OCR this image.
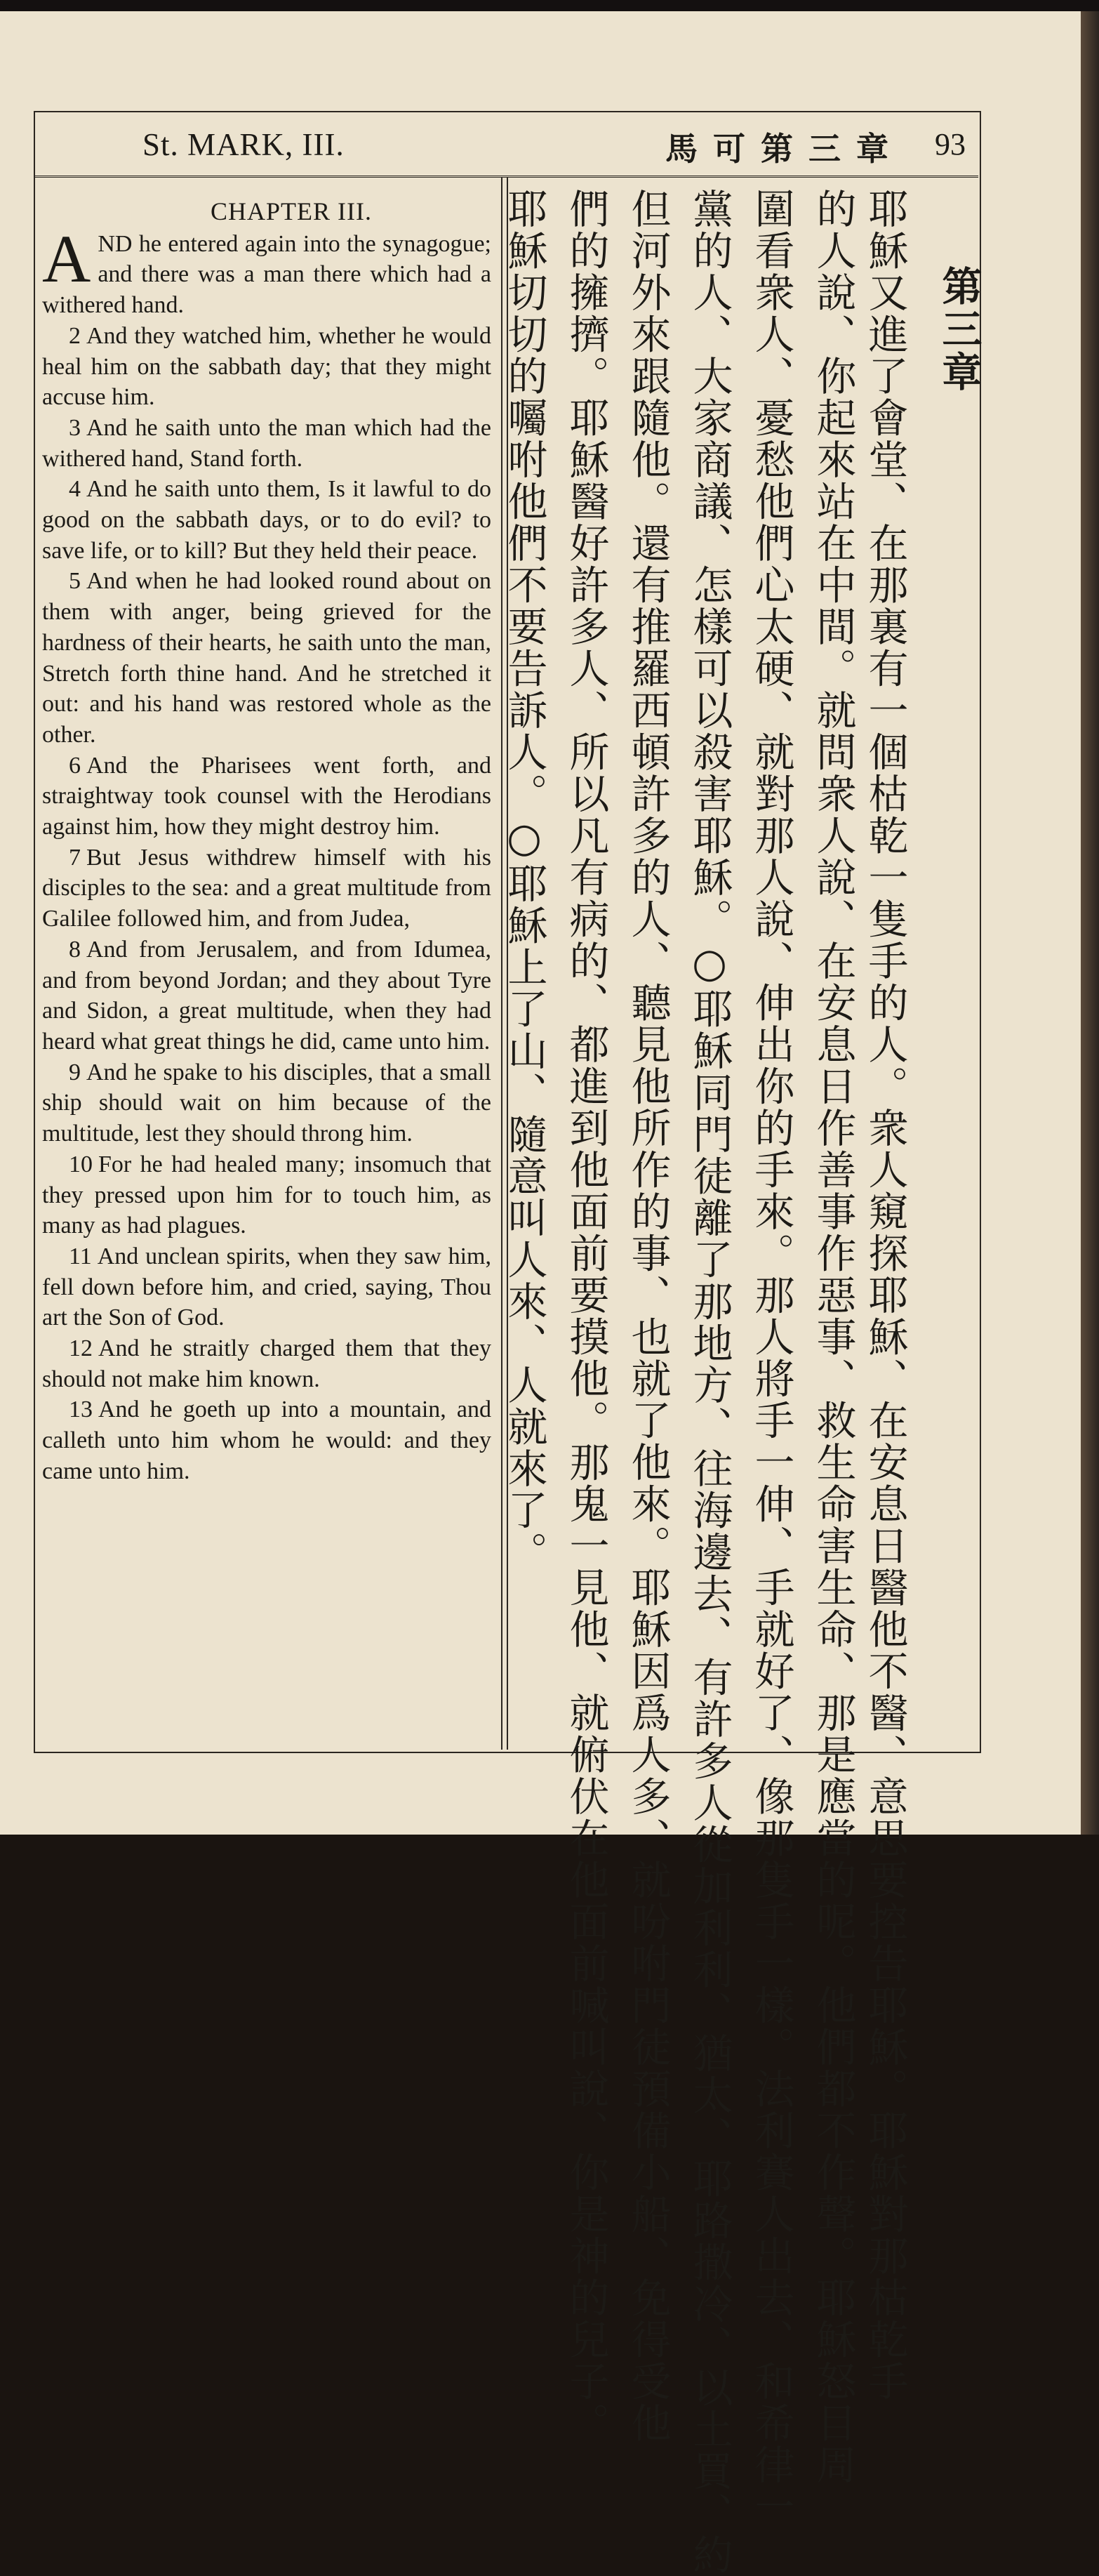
St. MARK, III.	馬可第三章 93
CHAPTER III.
AND he entered again into the synagogue; and there was a man there which had a withered hand.
2 And they watched him, whether he would heal him on the sabbath day; that they might accuse him.
3 And he saith unto the man which had the withered hand, Stand forth.
4 And he saith unto them, Is it lawful to do good on the sabbath days, or to do evil? to save life, or to kill? But they held their peace.
5 And when he had looked round about on them with anger, being grieved for the hardness of their hearts, he saith unto the man, Stretch forth thine hand. And he stretched it out: and his hand was restored whole as the other.
6 And the Pharisees went forth, and straightway took counsel with the Herodians against him, how they might destroy him.
7 But Jesus withdrew himself with his disciples to the sea: and a great multitude from Galilee followed him, and from Judea,
8 And from Jerusalem, and from Idumea, and from beyond Jordan; and they about Tyre and Sidon, a great multitude, when they had heard what great things he did, came unto him.
9 And he spake to his disciples, that a small ship should wait on him because of the multitude, lest they should throng him.
10 For he had healed many; insomuch that they pressed upon him for to touch him, as many as had plagues.
11 And unclean spirits, when they saw him, fell down before him, and cried, saying, Thou art the Son of God.
12 And he straitly charged them that they should not make him known.
13 And he goeth up into a mountain, and calleth unto him whom he would: and they came unto him.
第三章
耶穌又進了會堂、在那裏有一個枯乾一隻手的人。衆人窺探耶穌、在安息日醫他不醫、意思要控告耶穌。耶穌對那枯乾手
的人說、你起來站在中間。就問衆人說、在安息日作善事作惡事、救生命害生命、那是應當的呢。他們都不作聲。耶穌怒目周
圍看衆人、憂愁他們心太硬、就對那人說、伸出你的手來。那人將手一伸、手就好了、像那隻手一樣。法利賽人出去、和希律一
黨的人、大家商議、怎樣可以殺害耶穌。○耶穌同門徒離了那地方、往海邊去、有許多人從加利利、猶太、耶路撒冷、以土買、約
但河外來跟隨他。還有推羅西頓許多的人、聽見他所作的事、也就了他來。耶穌因爲人多、就吩咐門徒預備小船、免得受他
們的擁擠。耶穌醫好許多人、所以凡有病的、都進到他面前要摸他。那鬼一見他、就俯伏在他面前喊叫說、你是神的兒子。
耶穌切切的囑咐他們不要告訴人。○耶穌上了山、隨意叫人來、人就來了。
